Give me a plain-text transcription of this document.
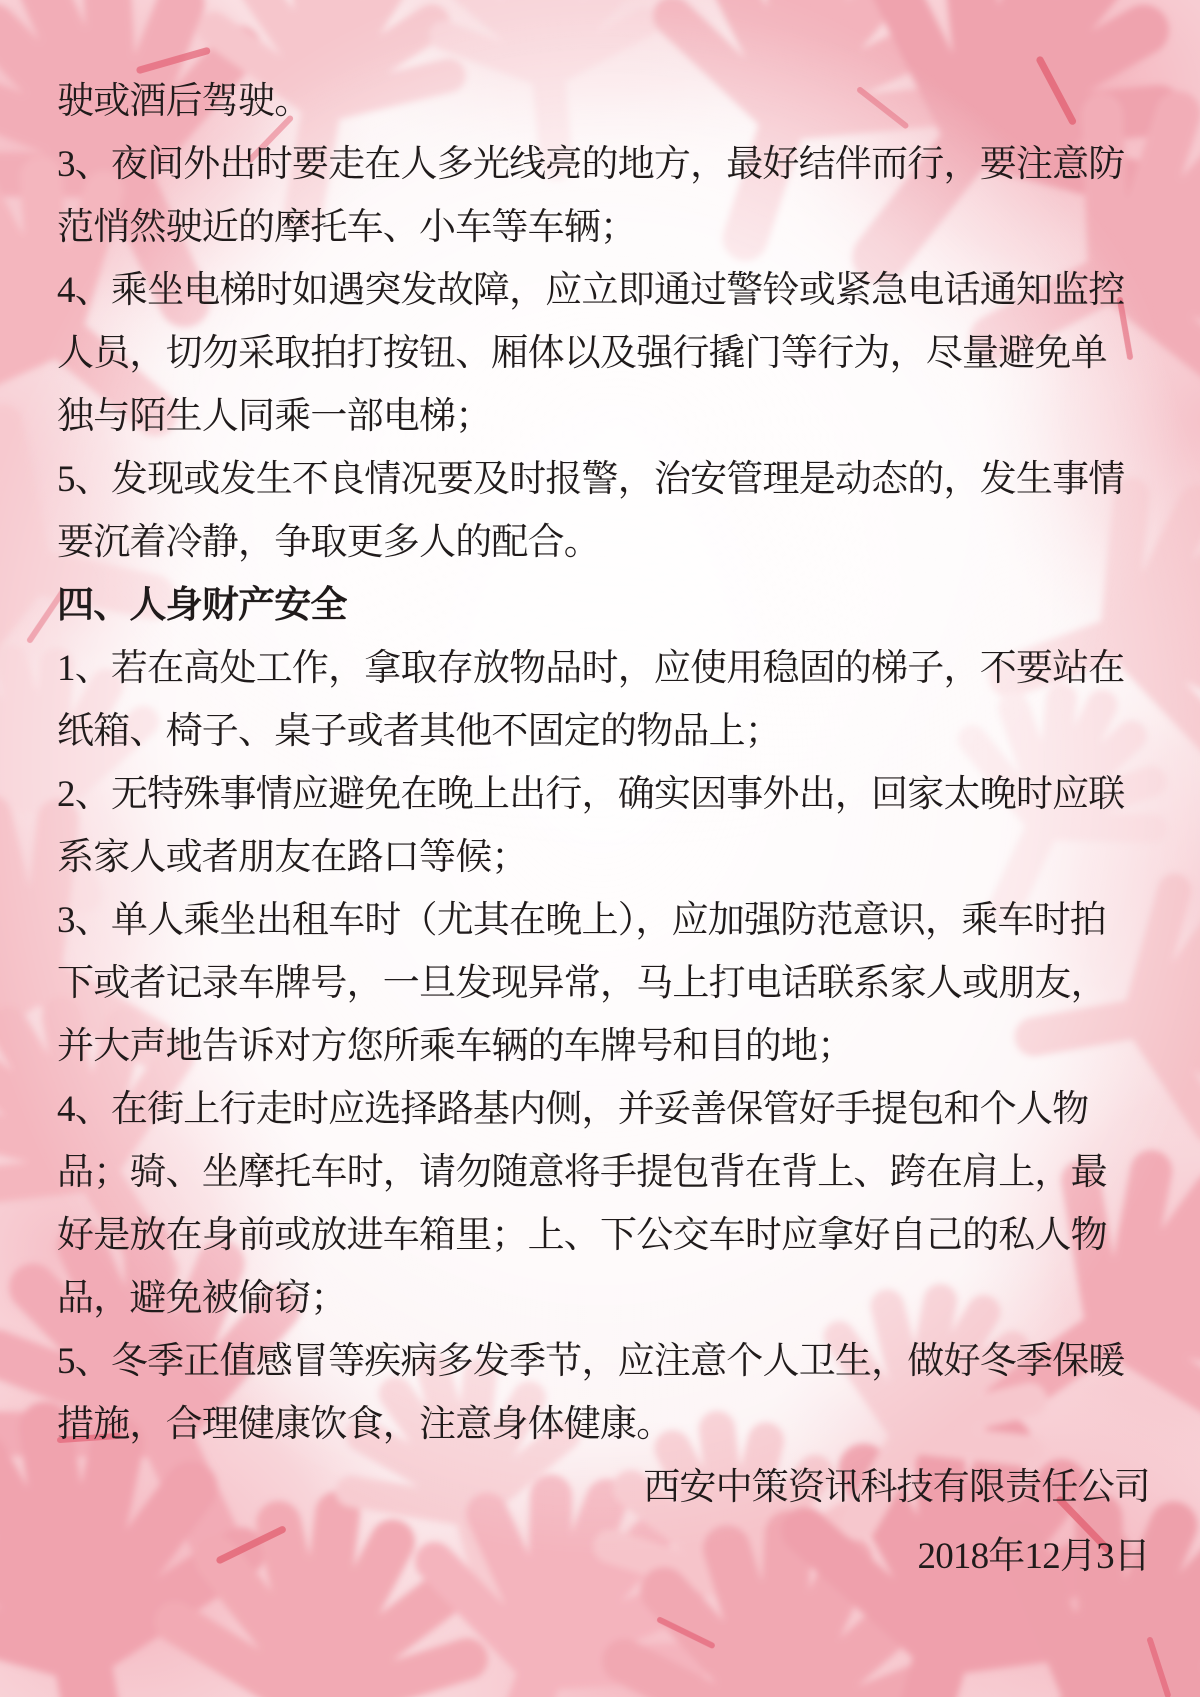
驶或酒后驾驶。
3、夜间外出时要走在人多光线亮的地方，最好结伴而行，要注意防
范悄然驶近的摩托车、小车等车辆；
4、乘坐电梯时如遇突发故障，应立即通过警铃或紧急电话通知监控
人员，切勿采取拍打按钮、厢体以及强行撬门等行为，尽量避免单
独与陌生人同乘一部电梯；
5、发现或发生不良情况要及时报警，治安管理是动态的，发生事情
要沉着冷静，争取更多人的配合。
四、人身财产安全
1、若在高处工作，拿取存放物品时，应使用稳固的梯子，不要站在
纸箱、椅子、桌子或者其他不固定的物品上；
2、无特殊事情应避免在晚上出行，确实因事外出，回家太晚时应联
系家人或者朋友在路口等候；
3、单人乘坐出租车时（尤其在晚上），应加强防范意识，乘车时拍
下或者记录车牌号，一旦发现异常，马上打电话联系家人或朋友，
并大声地告诉对方您所乘车辆的车牌号和目的地；
4、在街上行走时应选择路基内侧，并妥善保管好手提包和个人物
品；骑、坐摩托车时，请勿随意将手提包背在背上、跨在肩上，最
好是放在身前或放进车箱里；上、下公交车时应拿好自己的私人物
品，避免被偷窃；
5、冬季正值感冒等疾病多发季节，应注意个人卫生，做好冬季保暖
措施，合理健康饮食，注意身体健康。
西安中策资讯科技有限责任公司
2018年12月3日
